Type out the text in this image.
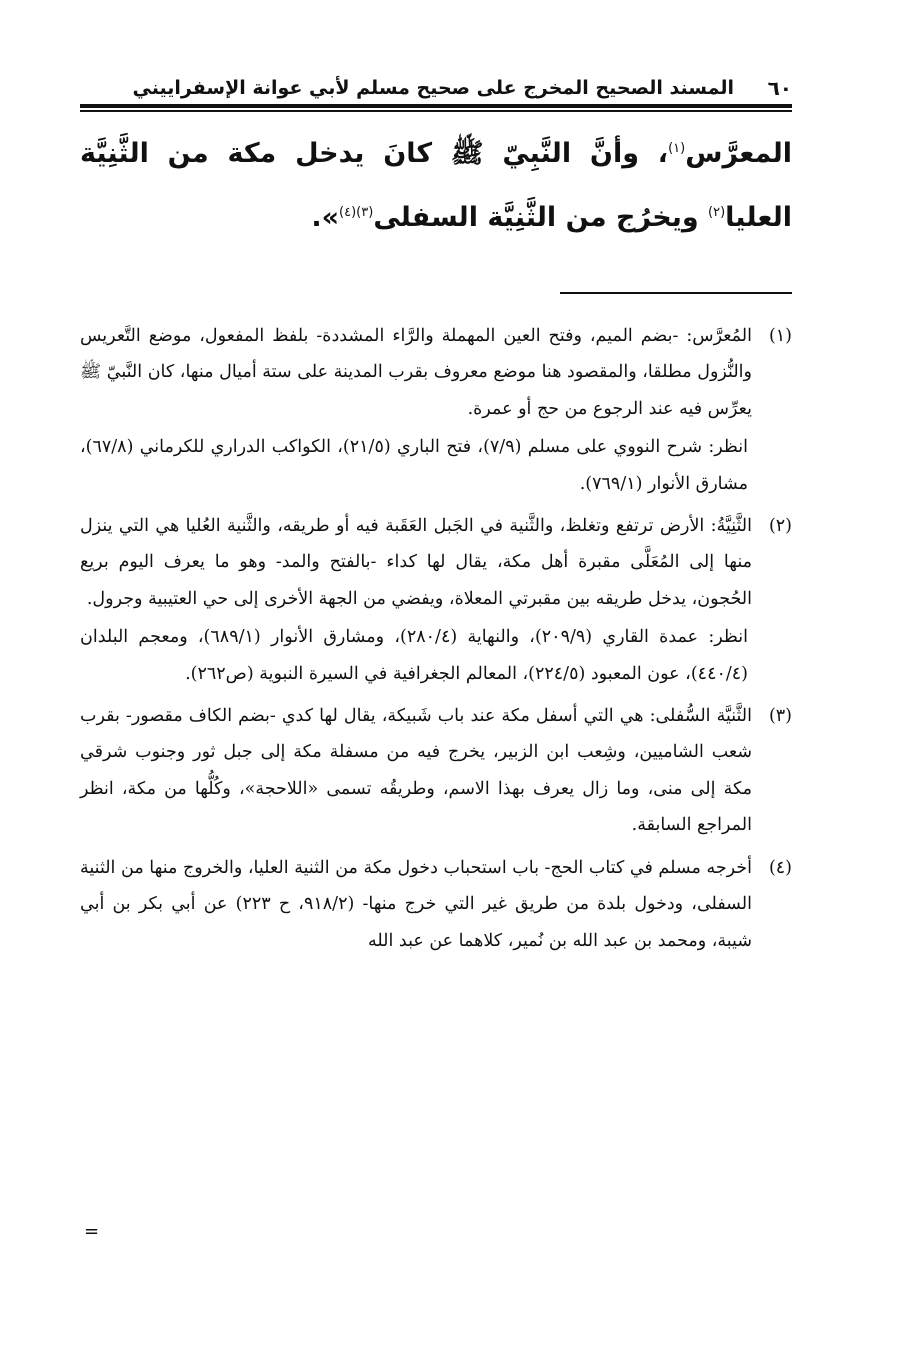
٦٠
المسند الصحيح المخرج على صحيح مسلم لأبي عوانة الإسفراييني
المعرَّس$^{(١)}$، وأنَّ النَّبِيّ ﷺ كانَ يدخل مكة من الثَّنِيَّة العليا$^{(٢)}$ ويخرُج من الثَّنِيَّة السفلى$^{(٣)(٤)}$».
(١)

المُعرَّس: -بضم الميم، وفتح العين المهملة والرَّاء المشددة- بلفظ المفعول، موضع التَّعريس والنُّزول مطلقا، والمقصود هنا موضع معروف بقرب المدينة على ستة أميال منها، كان النَّبيّ ﷺ يعرِّس فيه عند الرجوع من حج أو عمرة.

انظر: شرح النووي على مسلم (٧/٩)، فتح الباري (٢١/٥)، الكواكب الدراري للكرماني (٦٧/٨)، مشارق الأنوار (٧٦٩/١).

(٢)

الثَّنِيَّةُ: الأرض ترتفع وتغلظ، والثَّنية في الجَبل العَقَبة فيه أو طريقه، والثَّنية العُليا هي التي ينزل منها إلى المُعَلَّى مقبرة أهل مكة، يقال لها كداء -بالفتح والمد- وهو ما يعرف اليوم بريع الحُجون، يدخل طريقه بين مقبرتي المعلاة، ويفضي من الجهة الأخرى إلى حي العتيبية وجرول.

انظر: عمدة القاري (٢٠٩/٩)، والنهاية (٢٨٠/٤)، ومشارق الأنوار (٦٨٩/١)، ومعجم البلدان (٤٤٠/٤)، عون المعبود (٢٢٤/٥)، المعالم الجغرافية في السيرة النبوية (ص٢٦٢).

(٣)

الثَّنيَّة السُّفلى: هي التي أسفل مكة عند باب شَبيكة، يقال لها كدي -بضم الكاف مقصور- بقرب شعب الشاميين، وشِعب ابن الزبير، يخرج فيه من مسفلة مكة إلى جبل ثور وجنوب شرقي مكة إلى منى، وما زال يعرف بهذا الاسم، وطريقُه تسمى «اللاحجة»، وكُلُّها من مكة، انظر المراجع السابقة.

(٤)

أخرجه مسلم في كتاب الحج- باب استحباب دخول مكة من الثنية العليا، والخروج منها من الثنية السفلى، ودخول بلدة من طريق غير التي خرج منها- (٩١٨/٢، ح ٢٢٣) عن أبي بكر بن أبي شيبة، ومحمد بن عبد الله بن نُمير، كلاهما عن عبد الله

=
